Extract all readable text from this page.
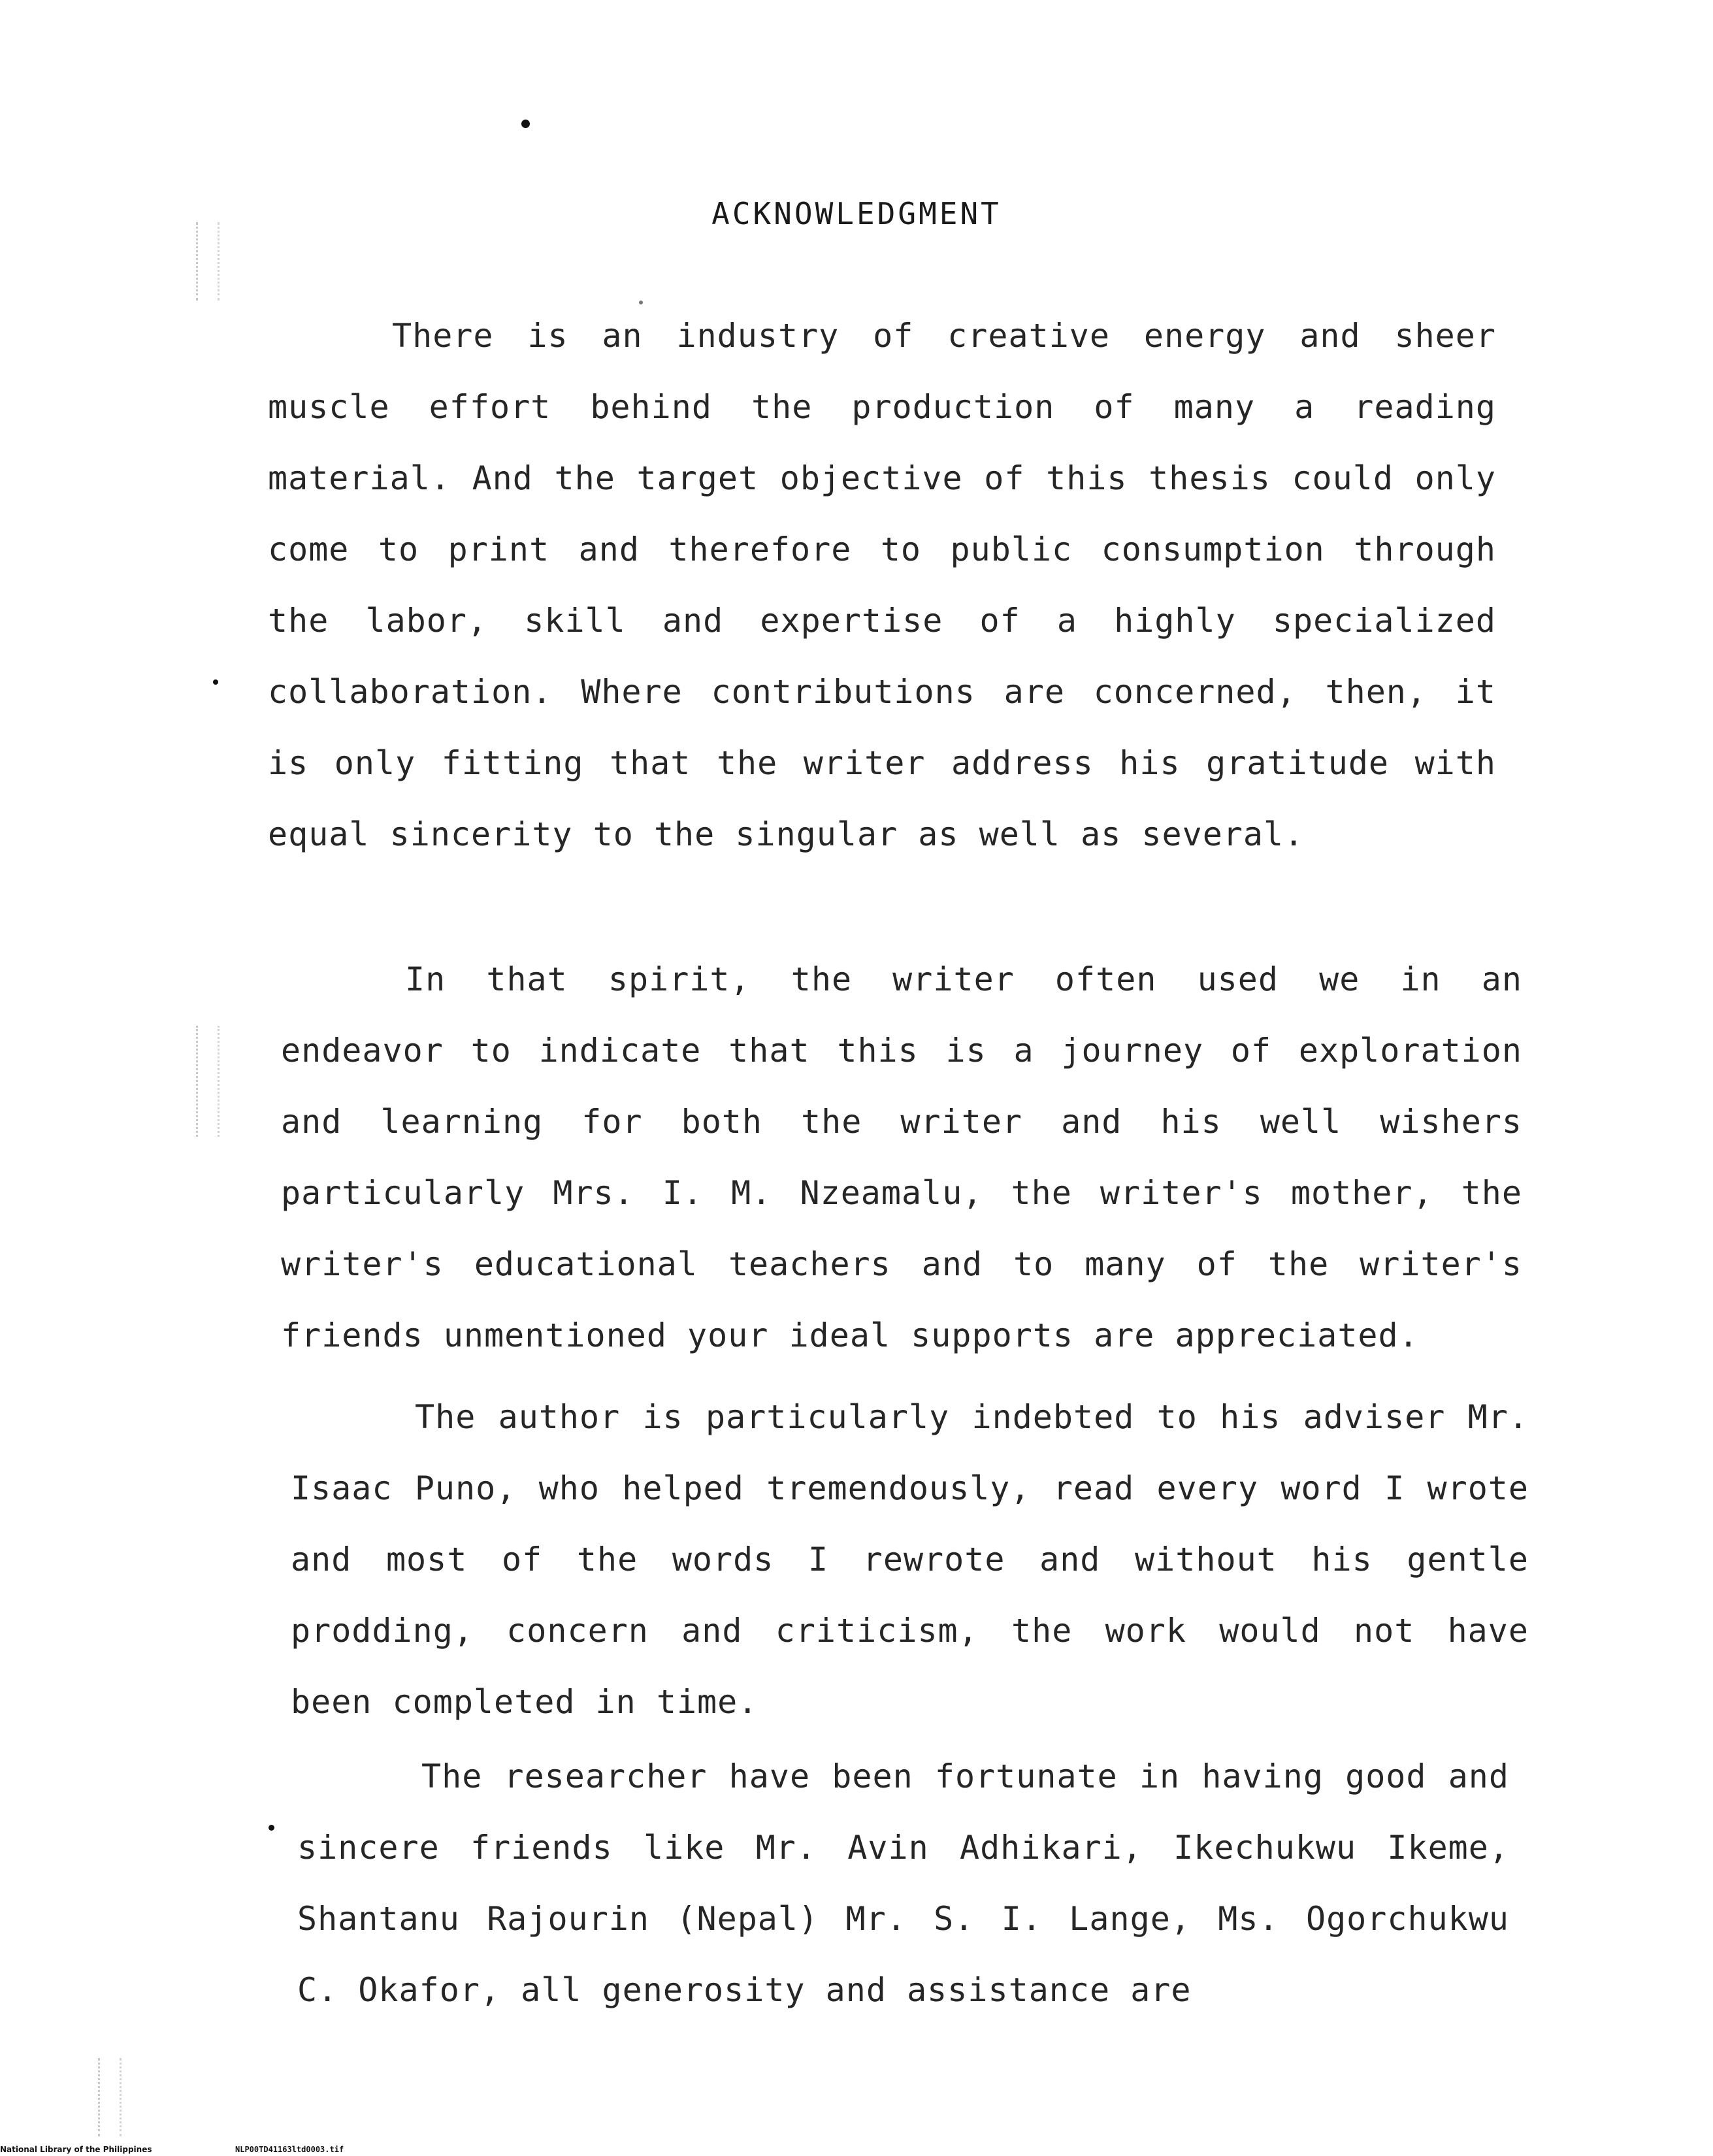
ACKNOWLEDGMENT

There is an industry of creative energy and sheer muscle effort behind the production of many a reading material. And the target objective of this thesis could only come to print and therefore to public consumption through the labor, skill and expertise of a highly specialized collaboration. Where contributions are concerned, then, it is only fitting that the writer address his gratitude with equal sincerity to the singular as well as several.

In that spirit, the writer often used we in an endeavor to indicate that this is a journey of exploration and learning for both the writer and his well wishers particularly Mrs. I. M. Nzeamalu, the writer's mother, the writer's educational teachers and to many of the writer's friends unmentioned your ideal supports are appreciated.

The author is particularly indebted to his adviser Mr. Isaac Puno, who helped tremendously, read every word I wrote and most of the words I rewrote and without his gentle prodding, concern and criticism, the work would not have been completed in time.

The researcher have been fortunate in having good and sincere friends like Mr. Avin Adhikari, Ikechukwu Ikeme, Shantanu Rajourin (Nepal) Mr. S. I. Lange, Ms. Ogorchukwu C. Okafor, all generosity and assistance are

National Library of the Philippines	NLP00TD41163ltd0003.tif
